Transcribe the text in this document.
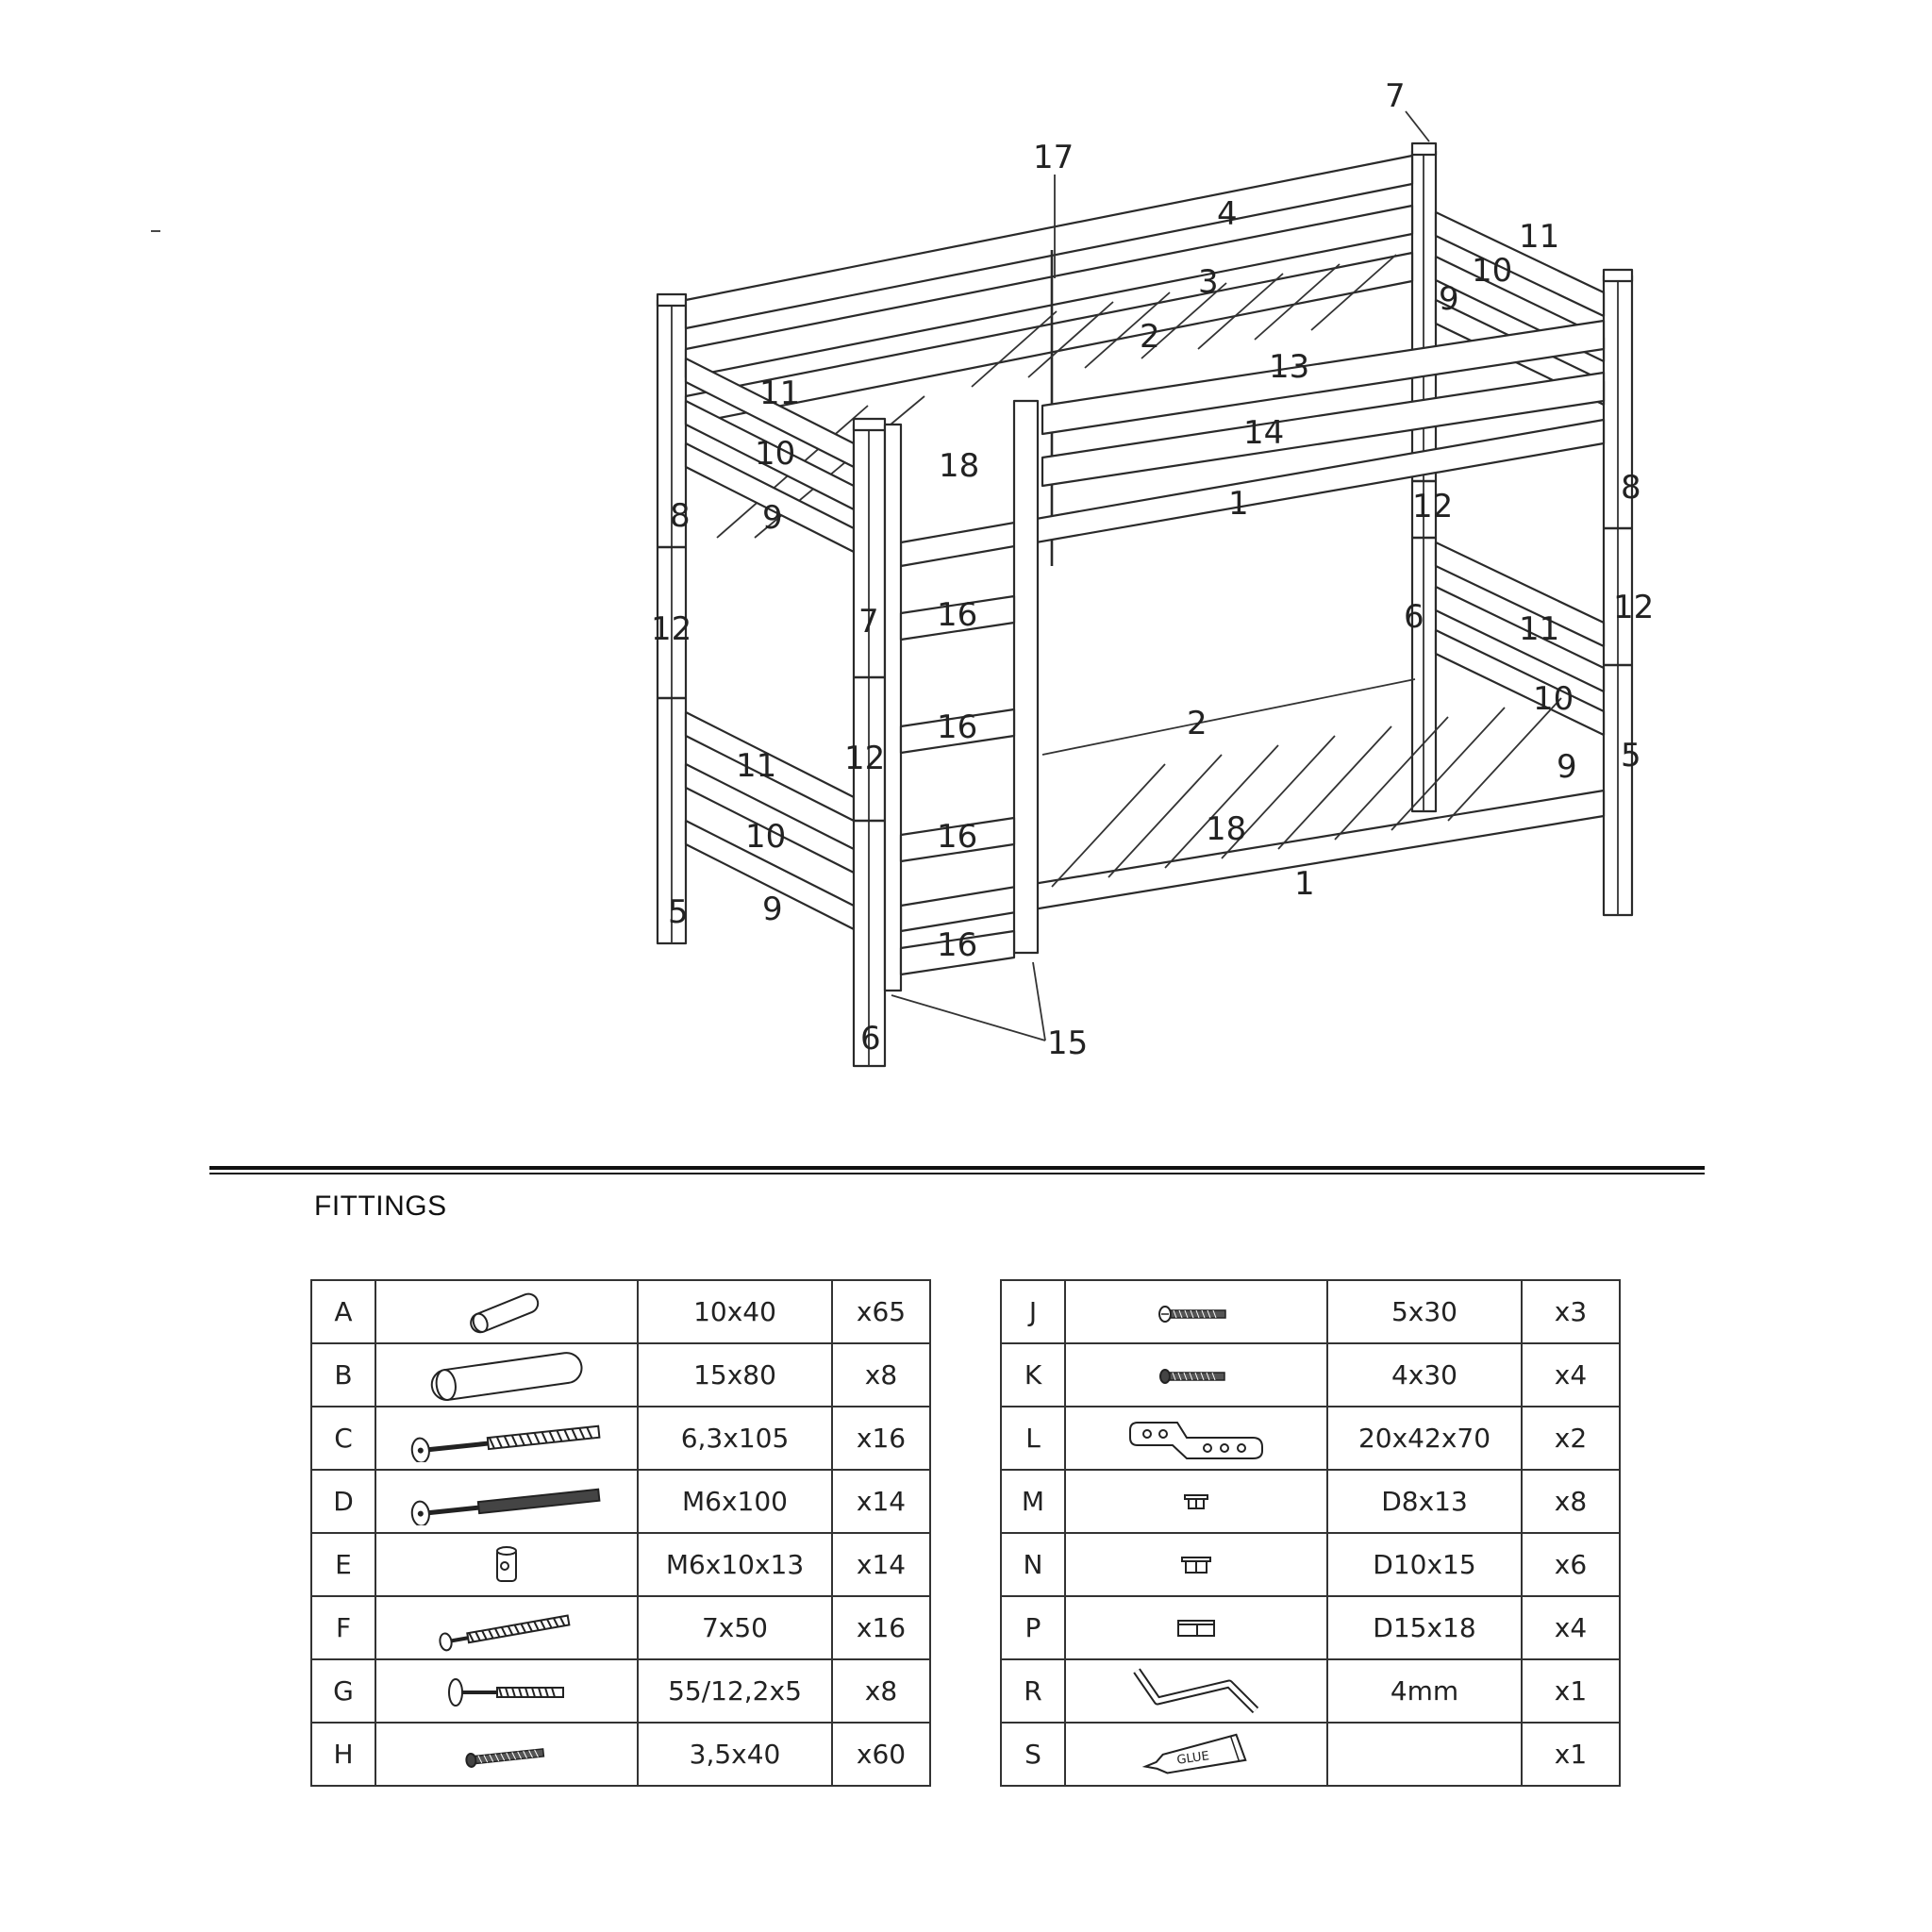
7
17
4
3
2
13
14
1
11
10
9
8
12
12
6	11
10
9 5
2
18
1
11
10	18
8 9
12	7 16
16
16
16
12
11
10
5 9
6	15
FITTINGS
A		10x40	x65
B		15x80	x8
C		6,3x105	x16
D		M6x100	x14
E		M6x10x13	x14
F		7x50	x16
G		55/12,2x5	x8
H		3,5x40	x60
J		5x30	x3
K		4x30	x4
L		20x42x70	x2
M		D8x13	x8
N		D10x15	x6
P		D15x18	x4
R		4mm	x1
S	GLUE		x1
